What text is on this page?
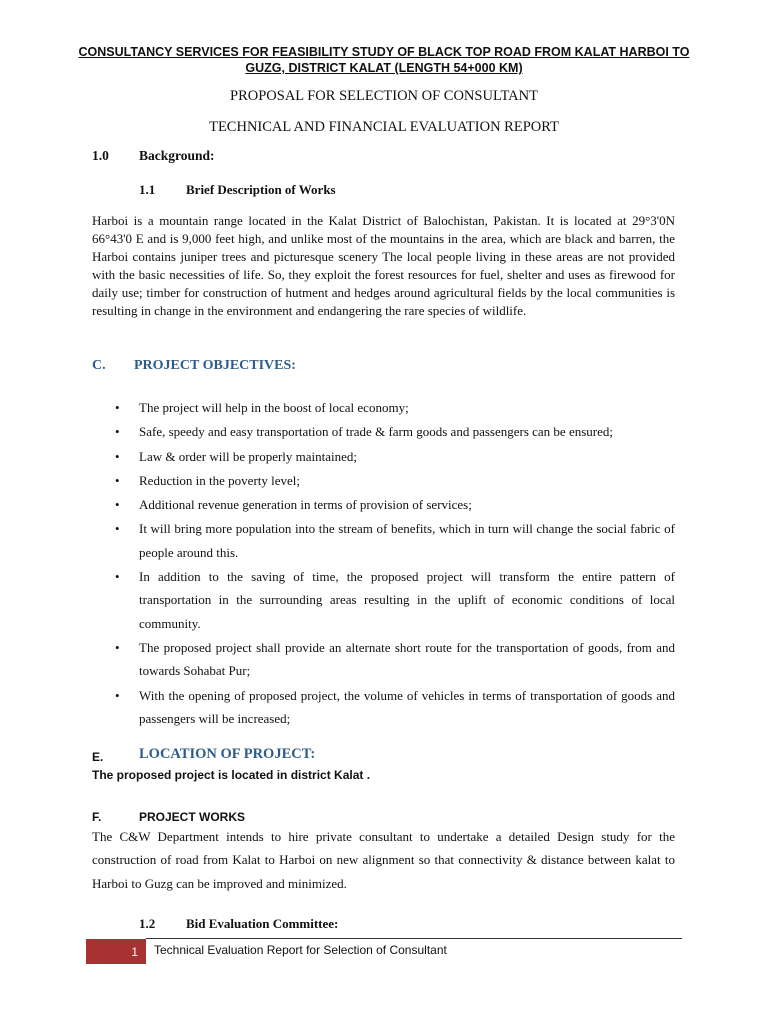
CONSULTANCY SERVICES FOR FEASIBILITY STUDY OF BLACK TOP ROAD FROM KALAT HARBOI TO
GUZG, DISTRICT KALAT (LENGTH 54+000 KM)
PROPOSAL FOR SELECTION OF CONSULTANT
TECHNICAL AND FINANCIAL EVALUATION REPORT
1.0 Background:
1.1 Brief Description of Works
Harboi is a mountain range located in the Kalat District of Balochistan, Pakistan. It is located at 29°3'0N 66°43'0 E and is 9,000 feet high, and unlike most of the mountains in the area, which are black and barren, the Harboi contains juniper trees and picturesque scenery The local people living in these areas are not provided with the basic necessities of life. So, they exploit the forest resources for fuel, shelter and uses as firewood for daily use; timber for construction of hutment and hedges around agricultural fields by the local communities is resulting in change in the environment and endangering the rare species of wildlife.
C. PROJECT OBJECTIVES:
• The project will help in the boost of local economy;
• Safe, speedy and easy transportation of trade & farm goods and passengers can be ensured;
• Law & order will be properly maintained;
• Reduction in the poverty level;
• Additional revenue generation in terms of provision of services;
• It will bring more population into the stream of benefits, which in turn will change the social fabric of people around this.
• In addition to the saving of time, the proposed project will transform the entire pattern of transportation in the surrounding areas resulting in the uplift of economic conditions of local community.
• The proposed project shall provide an alternate short route for the transportation of goods, from and towards Sohabat Pur;
• With the opening of proposed project, the volume of vehicles in terms of transportation of goods and passengers will be increased;
E. LOCATION OF PROJECT:
The proposed project is located in district Kalat .
F.	PROJECT WORKS
The C&W Department intends to hire private consultant to undertake a detailed Design study for the construction of road from Kalat to Harboi on new alignment so that connectivity & distance between kalat to Harboi to Guzg can be improved and minimized.
1.2 Bid Evaluation Committee:
1	Technical Evaluation Report for Selection of Consultant
